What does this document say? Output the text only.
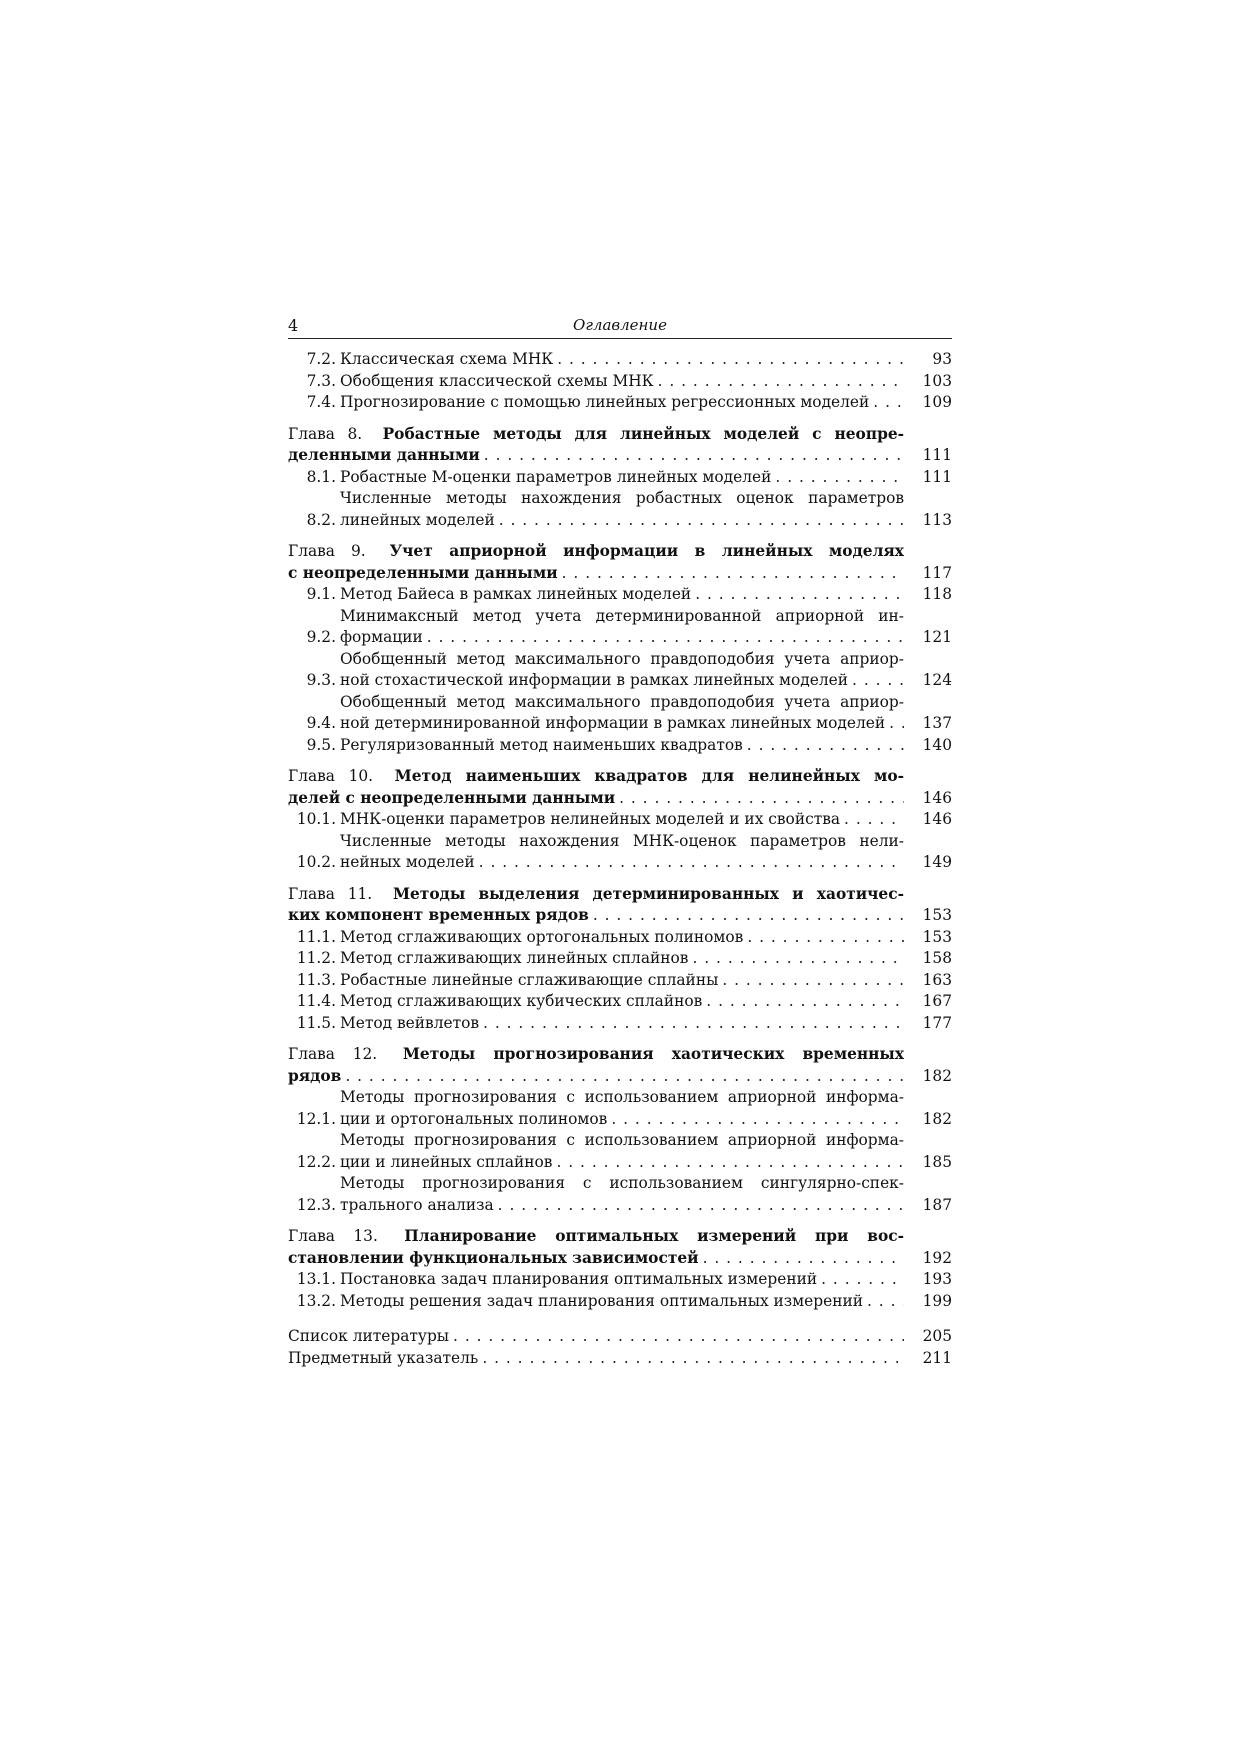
4	Оглавление
7.2. Классическая схема МНК . . .	93
7.3. Обобщения классической схемы МНК . . .	103
7.4. Прогнозирование с помощью линейных регрессионных моделей . . .	109
Глава 8. Робастные методы для линейных моделей с неопре-
деленными данными . . .	111
8.1. Робастные М-оценки параметров линейных моделей . . .	111
8.2.
Численные методы нахождения робастных оценок параметров
линейных моделей . . .	113
Глава 9. Учет априорной информации в линейных моделях
с неопределенными данными . . .	117
9.1. Метод Байеса в рамках линейных моделей . . .	118
9.2.
Минимаксный метод учета детерминированной априорной ин-
формации . . .	121
9.3.
Обобщенный метод максимального правдоподобия учета априор-
ной стохастической информации в рамках линейных моделей . . .	124
9.4.
Обобщенный метод максимального правдоподобия учета априор-
ной детерминированной информации в рамках линейных моделей . . .	137
9.5. Регуляризованный метод наименьших квадратов . . .	140
Глава 10. Метод наименьших квадратов для нелинейных мо-
делей с неопределенными данными . . .	146
10.1. МНК-оценки параметров нелинейных моделей и их свойства . . .	146
10.2.
Численные методы нахождения МНК-оценок параметров нели-
нейных моделей . . .	149
Глава 11. Методы выделения детерминированных и хаотичес-
ких компонент временных рядов . . .	153
11.1. Метод сглаживающих ортогональных полиномов . . .	153
11.2. Метод сглаживающих линейных сплайнов . . .	158
11.3. Робастные линейные сглаживающие сплайны . . .	163
11.4. Метод сглаживающих кубических сплайнов . . .	167
11.5. Метод вейвлетов . . .	177
Глава 12. Методы прогнозирования хаотических временных
рядов . . .	182
12.1.
Методы прогнозирования с использованием априорной информа-
ции и ортогональных полиномов . . .	182
12.2.
Методы прогнозирования с использованием априорной информа-
ции и линейных сплайнов . . .	185
12.3.
Методы прогнозирования с использованием сингулярно-спек-
трального анализа . . .	187
Глава 13. Планирование оптимальных измерений при вос-
становлении функциональных зависимостей . . .	192
13.1. Постановка задач планирования оптимальных измерений . . .	193
13.2. Методы решения задач планирования оптимальных измерений . . .	199
Список литературы . . .	205
Предметный указатель . . .	211
